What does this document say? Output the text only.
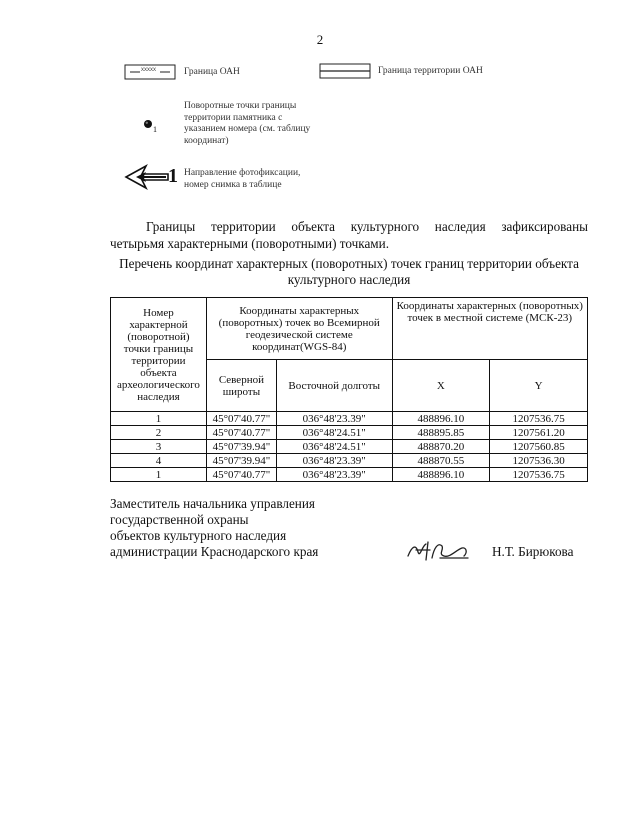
2
xxxxx	Граница ОАН	Граница территории ОАН
1
Поворотные точки границы территории памятника с указанием номера (см. таблицу координат)
1 Направление фотофиксации, номер снимка в таблице
Границы территории объекта культурного наследия зафиксированы
четырьмя характерными (поворотными) точками.
Перечень координат характерных (поворотных) точек границ территории объекта культурного наследия
Номер характерной (поворотной) точки границы территории объекта археологического наследия	Координаты характерных (поворотных) точек во Всемирной геодезической системе координат(WGS-84)		Координаты характерных (поворотных) точек в местной системе (МСК-23)	
	Северной широты	Восточной долготы	X	Y
1	45°07'40.77"	036°48'23.39"	488896.10	1207536.75
2	45°07'40.77"	036°48'24.51"	488895.85	1207561.20
3	45°07'39.94"	036°48'24.51"	488870.20	1207560.85
4	45°07'39.94"	036°48'23.39"	488870.55	1207536.30
1	45°07'40.77"	036°48'23.39"	488896.10	1207536.75
Заместитель начальника управления
государственной охраны
объектов культурного наследия
администрации Краснодарского края	Н.Т. Бирюкова
